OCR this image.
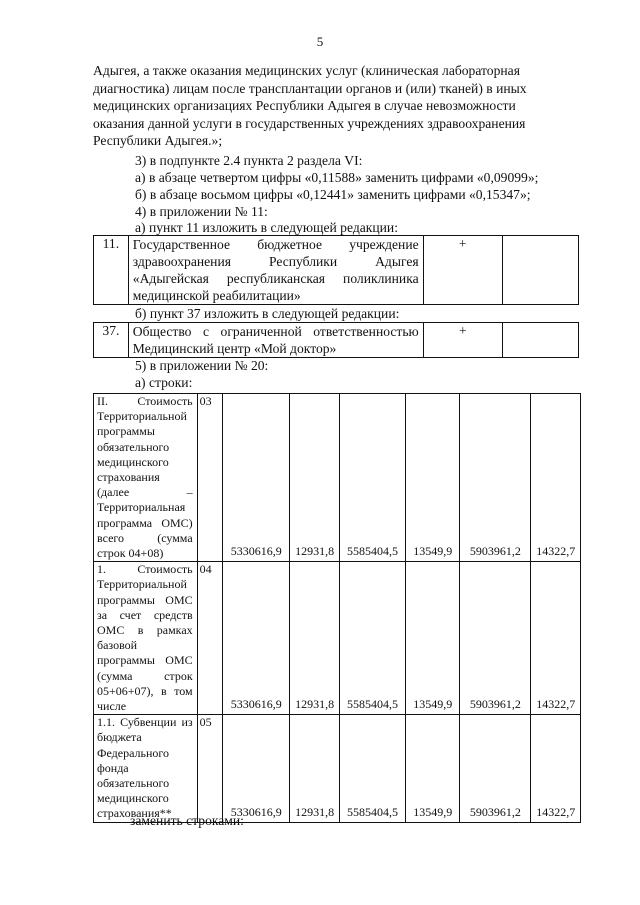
5
Адыгея, а также оказания медицинских услуг (клиническая лабораторная
диагностика) лицам после трансплантации органов и (или) тканей) в иных
медицинских организациях Республики Адыгея в случае невозможности
оказания данной услуги в государственных учреждениях здравоохранения
Республики Адыгея.»;
3) в подпункте 2.4 пункта 2 раздела VI:
а) в абзаце четвертом цифры «0,11588» заменить цифрами «0,09099»;
б) в абзаце восьмом цифры «0,12441» заменить цифрами «0,15347»;
4) в приложении № 11:
а) пункт 11 изложить в следующей редакции:
11.	Государственное бюджетное учреждение здравоохранения Республики Адыгея «Адыгейская республиканская поликлиника медицинской реабилитации»	+	
б) пункт 37 изложить в следующей редакции:
37.	Общество с ограниченной ответственностью Медицинский центр «Мой доктор»	+	
5) в приложении № 20:
а) строки:
II. Стоимость Территориальной программы обязательного медицинского страхования (далее – Территориальная программа ОМС) всего (сумма строк 04+08)	03	5330616,9	12931,8	5585404,5	13549,9	5903961,2	14322,7
1. Стоимость Территориальной программы ОМС за счет средств ОМС в рамках базовой программы ОМС (сумма строк 05+06+07), в том числе	04	5330616,9	12931,8	5585404,5	13549,9	5903961,2	14322,7
1.1. Субвенции из бюджета Федерального фонда обязательного медицинского страхования**	05	5330616,9	12931,8	5585404,5	13549,9	5903961,2	14322,7
заменить строками:
